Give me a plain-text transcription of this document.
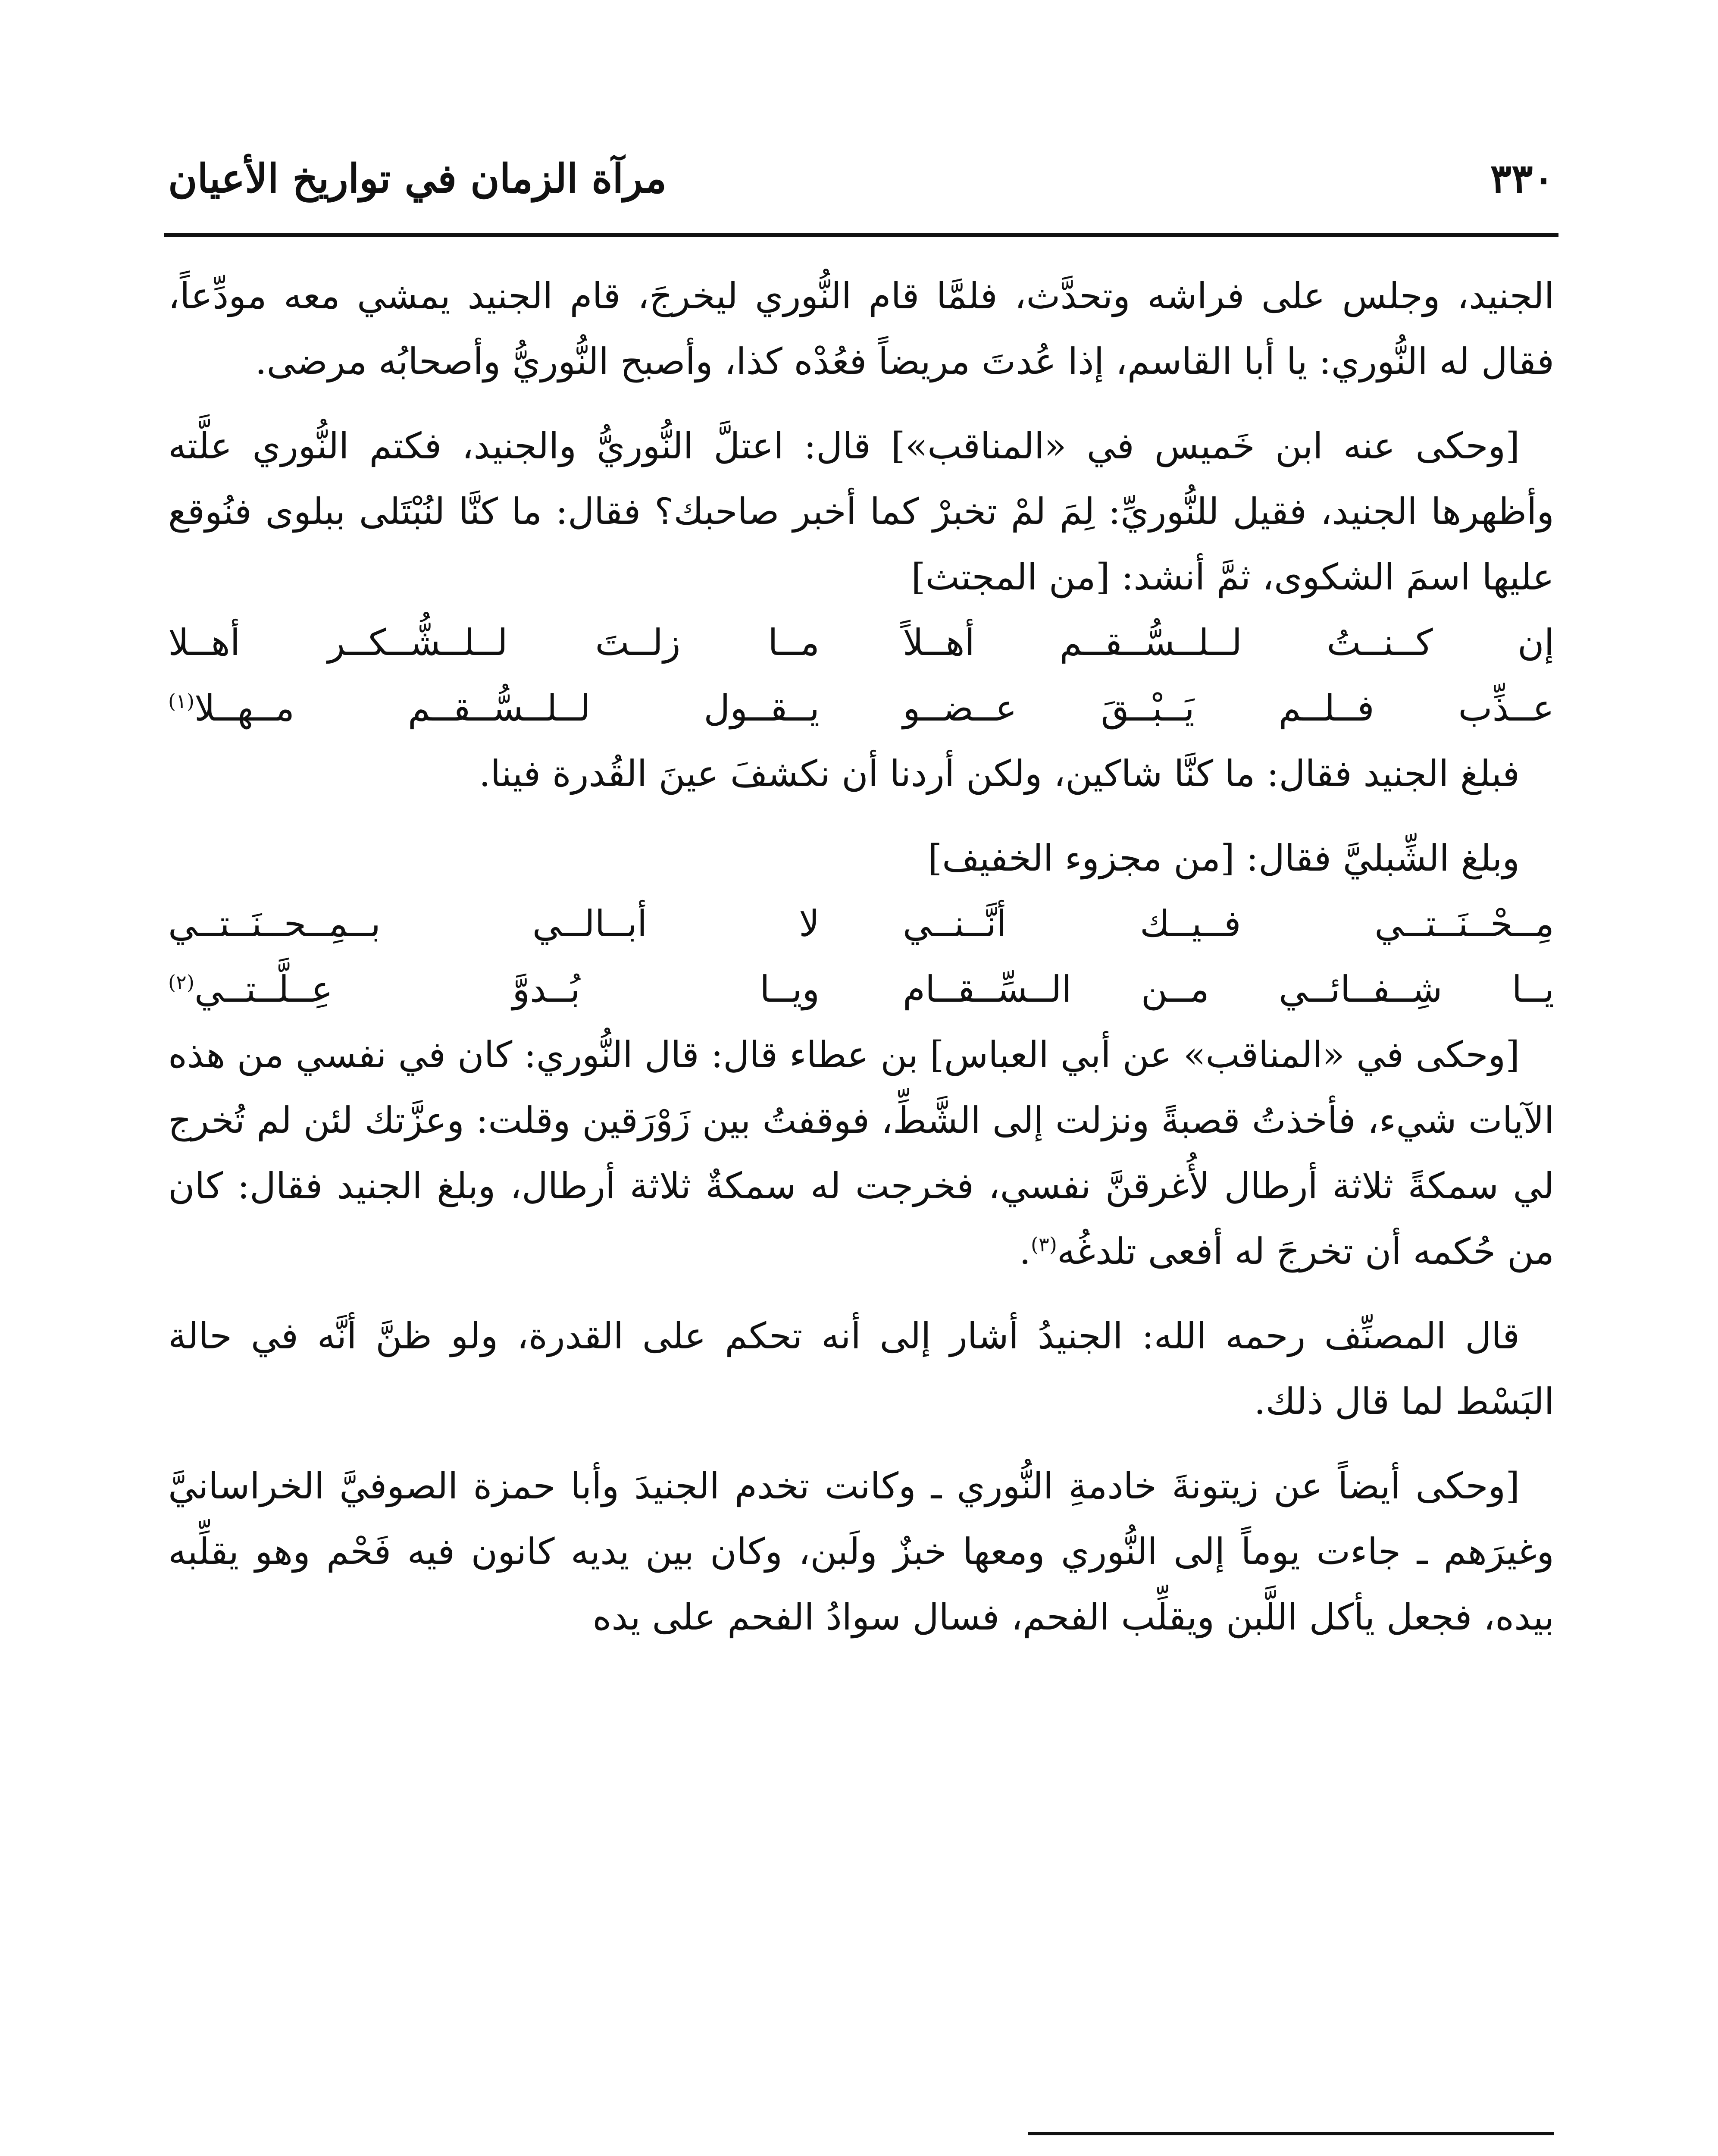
٣٣٠
مرآة الزمان في تواريخ الأعيان

الجنيد، وجلس على فراشه وتحدَّث، فلمَّا قام النُّوري ليخرجَ، قام الجنيد يمشي معه مودِّعاً، فقال له النُّوري: يا أبا القاسم، إذا عُدتَ مريضاً فعُدْه كذا، وأصبح النُّوريُّ وأصحابُه مرضى.

[وحكى عنه ابن خَميس في «المناقب»] قال: اعتلَّ النُّوريُّ والجنيد، فكتم النُّوري علَّته وأظهرها الجنيد، فقيل للنُّوريِّ: لِمَ لمْ تخبرْ كما أخبر صاحبك؟ فقال: ما كنَّا لنُبْتَلى ببلوى فنُوقع عليها اسمَ الشكوى، ثمَّ أنشد: [من المجتث]

إن كــنــتُ لــلــسُّــقــم أهــلاً
مــا زلــتَ لــلــشُّــكــر أهــلا
عــذِّب فــلــم يَــبْــقَ عــضــو
يــقــول لــلــسُّــقــم مــهــلا$^{(١)}$

فبلغ الجنيد فقال: ما كنَّا شاكين، ولكن أردنا أن نكشفَ عينَ القُدرة فينا.

وبلغ الشِّبليَّ فقال: [من مجزوء الخفيف]

مِــحْــنَــتــي فــيــك أنَّــنــي
لا أبــالــي بــمِــحــنَــتــي
يــا شِــفــائــي مــن الــسِّــقــام
ويــا بُــدوَّ عِــلَّــتــي$^{(٢)}$

[وحكى في «المناقب» عن أبي العباس] بن عطاء قال: قال النُّوري: كان في نفسي من هذه الآيات شيء، فأخذتُ قصبةً ونزلت إلى الشَّطِّ، فوقفتُ بين زَوْرَقين وقلت: وعزَّتك لئن لم تُخرج لي سمكةً ثلاثة أرطال لأُغرقنَّ نفسي، فخرجت له سمكةٌ ثلاثة أرطال، وبلغ الجنيد فقال: كان من حُكمه أن تخرجَ له أفعى تلدغُه$^{(٣)}$.

قال المصنِّف رحمه الله: الجنيدُ أشار إلى أنه تحكم على القدرة، ولو ظنَّ أنَّه في حالة البَسْط لما قال ذلك.

[وحكى أيضاً عن زيتونةَ خادمةِ النُّوري ـ وكانت تخدم الجنيدَ وأبا حمزة الصوفيَّ الخراسانيَّ وغيرَهم ـ جاءت يوماً إلى النُّوري ومعها خبزٌ ولَبن، وكان بين يديه كانون فيه فَحْم وهو يقلِّبه بيده، فجعل يأكل اللَّبن ويقلِّب الفحم، فسال سوادُ الفحم على يده
